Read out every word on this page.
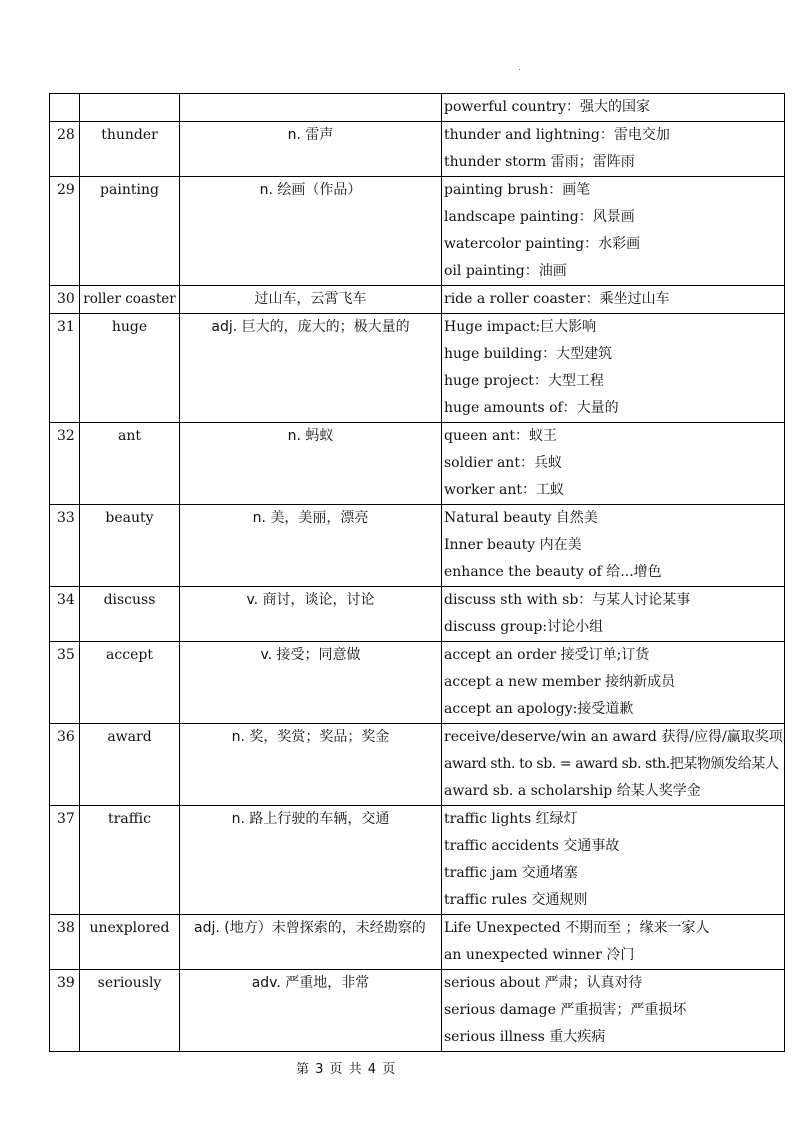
·

			powerful country：强大的国家

28	thunder	n. 雷声	thunder and lightning：雷电交加
thunder storm 雷雨；雷阵雨

29	painting	n. 绘画（作品）	painting brush：画笔
landscape painting：风景画
watercolor painting：水彩画
oil painting：油画

30	roller coaster	过山车，云霄飞车	ride a roller coaster：乘坐过山车

31	huge	adj. 巨大的，庞大的；极大量的	Huge impact:巨大影响
huge building：大型建筑
huge project：大型工程
huge amounts of：大量的

32	ant	n. 蚂蚁	queen ant：蚁王
soldier ant：兵蚁
worker ant：工蚁

33	beauty	n. 美，美丽，漂亮	Natural beauty 自然美
Inner beauty 内在美
enhance the beauty of 给...增色

34	discuss	v. 商讨，谈论，讨论	discuss sth with sb：与某人讨论某事
discuss group:讨论小组

35	accept	v. 接受；同意做	accept an order 接受订单;订货
accept a new member 接纳新成员
accept an apology:接受道歉

36	award	n. 奖，奖赏；奖品；奖金	receive/deserve/win an award 获得/应得/赢取奖项
award sth. to sb. = award sb. sth.把某物颁发给某人
award sb. a scholarship 给某人奖学金

37	traffic	n. 路上行驶的车辆，交通	traffic lights 红绿灯
traffic accidents 交通事故
traffic jam 交通堵塞
traffic rules 交通规则

38	unexplored	adj. (地方）未曾探索的，未经勘察的	Life Unexpected 不期而至 ；缘来一家人
an unexpected winner 冷门

39	seriously	adv. 严重地，非常	serious about 严肃；认真对待
serious damage 严重损害；严重损坏
serious illness 重大疾病
第 3 页 共 4 页
